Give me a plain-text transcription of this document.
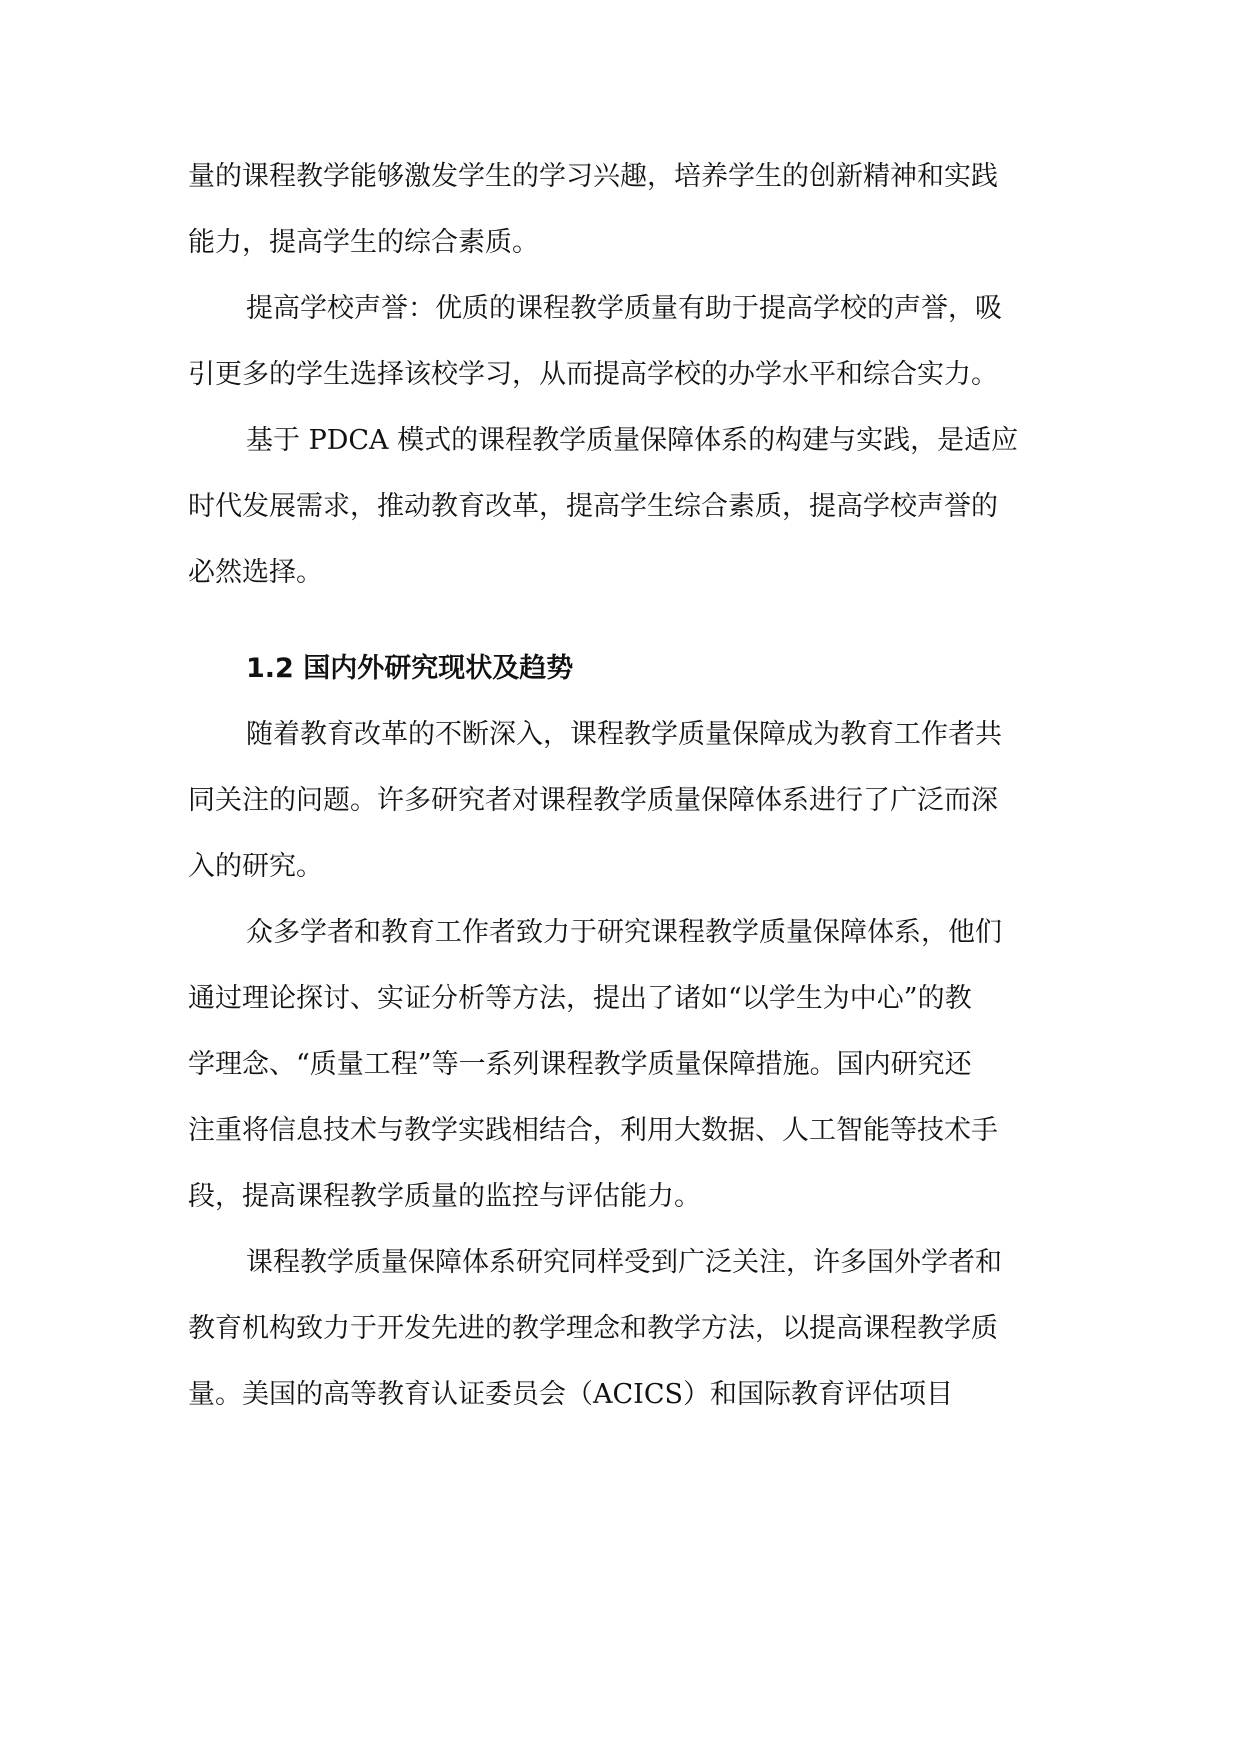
量的课程教学能够激发学生的学习兴趣，培养学生的创新精神和实践
能力，提高学生的综合素质。
提高学校声誉：优质的课程教学质量有助于提高学校的声誉，吸
引更多的学生选择该校学习，从而提高学校的办学水平和综合实力。
基于 PDCA 模式的课程教学质量保障体系的构建与实践，是适应
时代发展需求，推动教育改革，提高学生综合素质，提高学校声誉的
必然选择。
1.2 国内外研究现状及趋势
随着教育改革的不断深入，课程教学质量保障成为教育工作者共
同关注的问题。许多研究者对课程教学质量保障体系进行了广泛而深
入的研究。
众多学者和教育工作者致力于研究课程教学质量保障体系，他们
通过理论探讨、实证分析等方法，提出了诸如“以学生为中心”的教
学理念、“质量工程”等一系列课程教学质量保障措施。国内研究还
注重将信息技术与教学实践相结合，利用大数据、人工智能等技术手
段，提高课程教学质量的监控与评估能力。
课程教学质量保障体系研究同样受到广泛关注，许多国外学者和
教育机构致力于开发先进的教学理念和教学方法，以提高课程教学质
量。美国的高等教育认证委员会（ACICS）和国际教育评估项目
